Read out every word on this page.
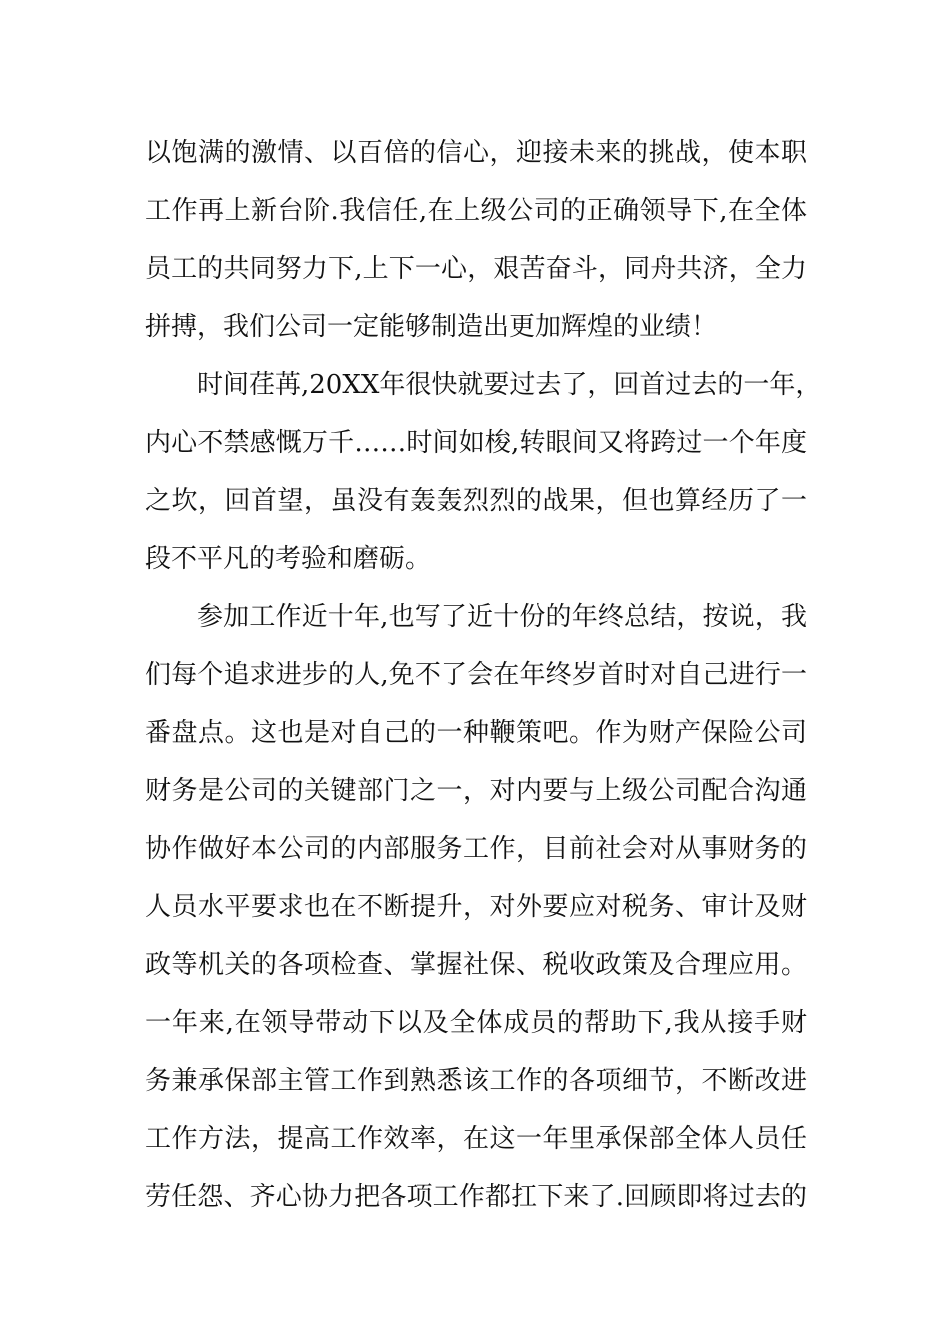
以饱满的激情、以百倍的信心，迎接未来的挑战，使本职
工作再上新台阶.我信任,在上级公司的正确领导下,在全体
员工的共同努力下,上下一心，艰苦奋斗，同舟共济，全力
拼搏，我们公司一定能够制造出更加辉煌的业绩！
时间荏苒,20XX年很快就要过去了，回首过去的一年，
内心不禁感慨万千……时间如梭,转眼间又将跨过一个年度
之坎，回首望，虽没有轰轰烈烈的战果，但也算经历了一
段不平凡的考验和磨砺。
参加工作近十年,也写了近十份的年终总结，按说，我
们每个追求进步的人,免不了会在年终岁首时对自己进行一
番盘点。这也是对自己的一种鞭策吧。作为财产保险公司
财务是公司的关键部门之一，对内要与上级公司配合沟通
协作做好本公司的内部服务工作，目前社会对从事财务的
人员水平要求也在不断提升，对外要应对税务、审计及财
政等机关的各项检查、掌握社保、税收政策及合理应用。
一年来,在领导带动下以及全体成员的帮助下,我从接手财
务兼承保部主管工作到熟悉该工作的各项细节，不断改进
工作方法，提高工作效率，在这一年里承保部全体人员任
劳任怨、齐心协力把各项工作都扛下来了.回顾即将过去的
